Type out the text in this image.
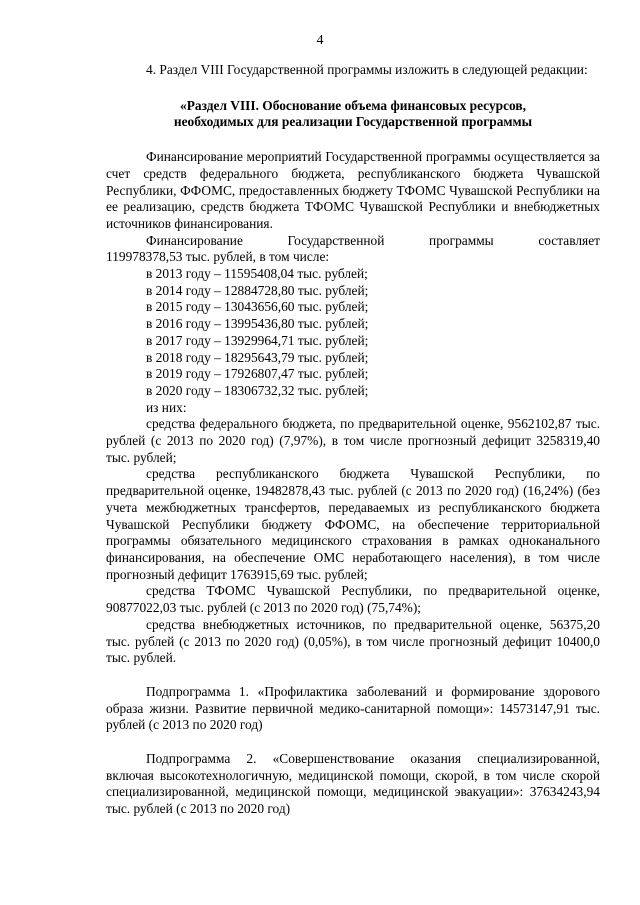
4

4. Раздел VIII Государственной программы изложить в следующей редакции:

«Раздел VIII. Обоснование объема финансовых ресурсов,
необходимых для реализации Государственной программы

Финансирование мероприятий Государственной программы осуществляется за счет средств федерального бюджета, республиканского бюджета Чувашской Республики, ФФОМС, предоставленных бюджету ТФОМС Чувашской Республики на ее реализацию, средств бюджета ТФОМС Чувашской Республики и внебюджетных источников финансирования.

Финансирование Государственной программы составляет

119978378,53 тыс. рублей, в том числе:

в 2013 году – 11595408,04 тыс. рублей;
в 2014 году – 12884728,80 тыс. рублей;
в 2015 году – 13043656,60 тыс. рублей;
в 2016 году – 13995436,80 тыс. рублей;
в 2017 году – 13929964,71 тыс. рублей;
в 2018 году – 18295643,79 тыс. рублей;
в 2019 году – 17926807,47 тыс. рублей;
в 2020 году – 18306732,32 тыс. рублей;

из них:

средства федерального бюджета, по предварительной оценке, 9562102,87 тыс. рублей (с 2013 по 2020 год) (7,97%), в том числе прогнозный дефицит 3258319,40 тыс. рублей;

средства республиканского бюджета Чувашской Республики, по предварительной оценке, 19482878,43 тыс. рублей (с 2013 по 2020 год) (16,24%) (без учета межбюджетных трансфертов, передаваемых из республиканского бюджета Чувашской Республики бюджету ФФОМС, на обеспечение территориальной программы обязательного медицинского страхования в рамках одноканального финансирования, на обеспечение ОМС неработающего населения), в том числе прогнозный дефицит 1763915,69 тыс. рублей;

средства ТФОМС Чувашской Республики, по предварительной оценке, 90877022,03 тыс. рублей (с 2013 по 2020 год) (75,74%);

средства внебюджетных источников, по предварительной оценке, 56375,20 тыс. рублей (с 2013 по 2020 год) (0,05%), в том числе прогнозный дефицит 10400,0 тыс. рублей.

Подпрограмма 1. «Профилактика заболеваний и формирование здорового образа жизни. Развитие первичной медико-санитарной помощи»: 14573147,91 тыс. рублей (с 2013 по 2020 год)

Подпрограмма 2. «Совершенствование оказания специализированной, включая высокотехнологичную, медицинской помощи, скорой, в том числе скорой специализированной, медицинской помощи, медицинской эвакуации»: 37634243,94 тыс. рублей (с 2013 по 2020 год)
